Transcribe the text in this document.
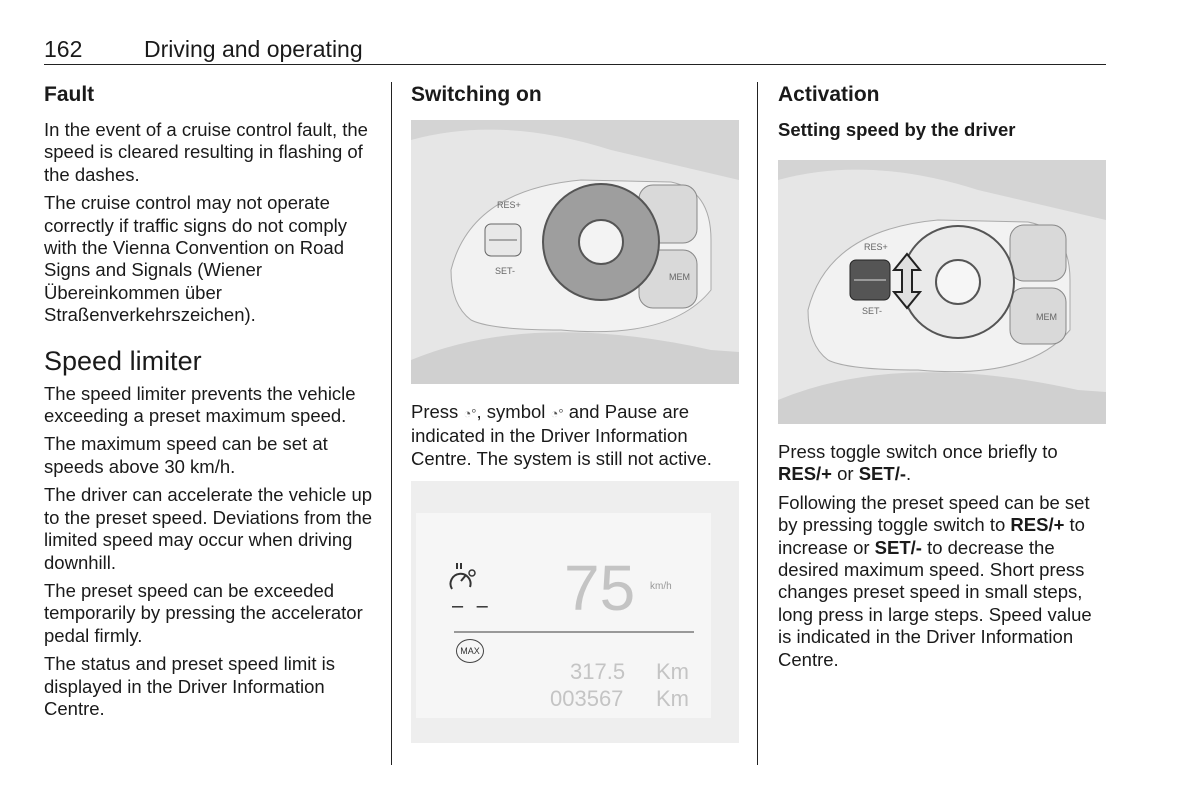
162	Driving and operating
Fault

In the event of a cruise control fault, the speed is cleared resulting in flashing of the dashes.

The cruise control may not operate correctly if traffic signs do not comply with the Vienna Convention on Road Signs and Signals (Wiener Übereinkommen über Straßenverkehrszeichen).

Speed limiter

The speed limiter prevents the vehicle exceeding a preset maximum speed.

The maximum speed can be set at speeds above 30 km/h.

The driver can accelerate the vehicle up to the preset speed. Deviations from the limited speed may occur when driving downhill.

The preset speed can be exceeded temporarily by pressing the accelerator pedal firmly.

The status and preset speed limit is displayed in the Driver Information Centre.

Switching on
RES+
SET-
MEM

Press ◔°, symbol ◔° and Pause are indicated in the Driver Information Centre. The system is still not active.

– – 75 km/h
MAX
317.5 Km
003567 Km
Activation
Setting speed by the driver
RES+
SET-
MEM

Press toggle switch once briefly to RES/+ or SET/-.

Following the preset speed can be set by pressing toggle switch to RES/+ to increase or SET/- to decrease the desired maximum speed. Short press changes preset speed in small steps, long press in large steps. Speed value is indicated in the Driver Information Centre.
